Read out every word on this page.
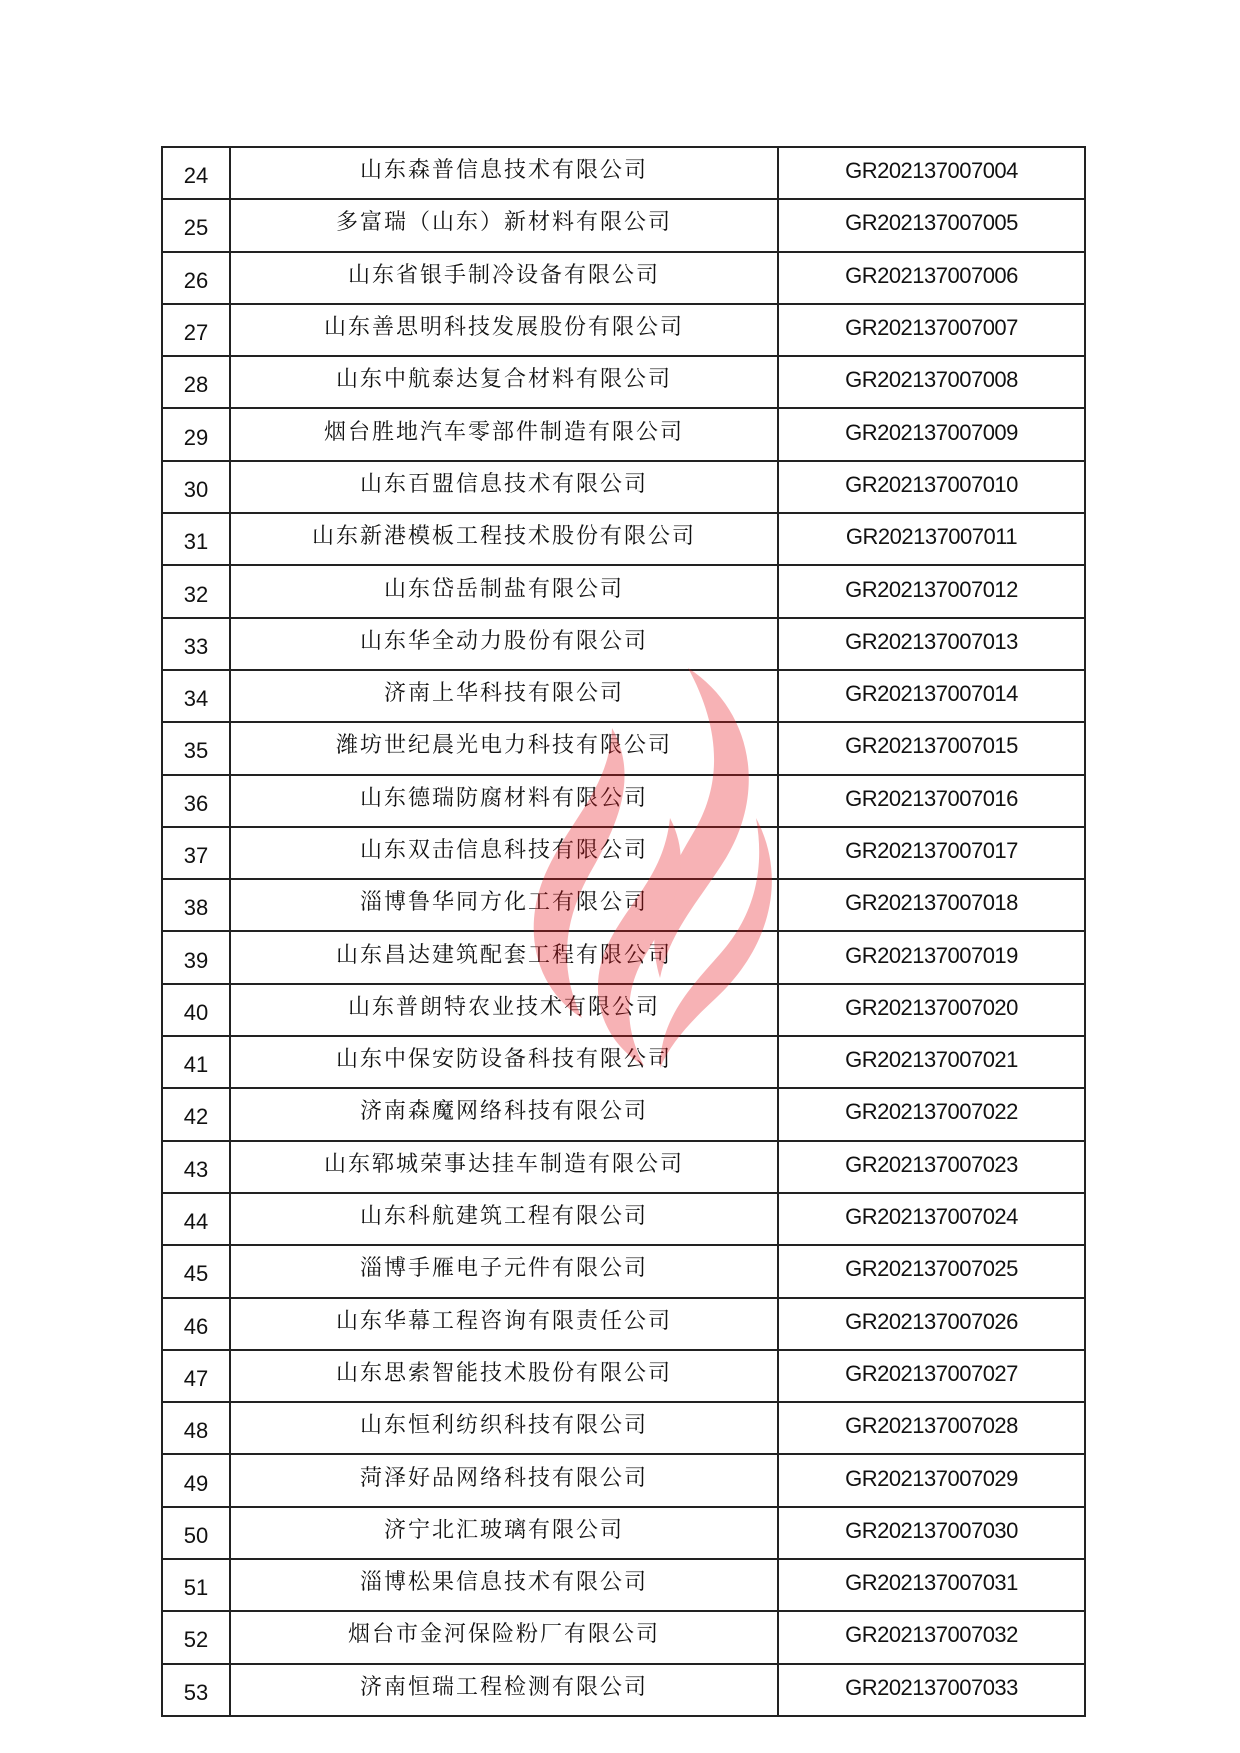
24	山东森普信息技术有限公司	GR202137007004
25	多富瑞（山东）新材料有限公司	GR202137007005
26	山东省银手制冷设备有限公司	GR202137007006
27	山东善思明科技发展股份有限公司	GR202137007007
28	山东中航泰达复合材料有限公司	GR202137007008
29	烟台胜地汽车零部件制造有限公司	GR202137007009
30	山东百盟信息技术有限公司	GR202137007010
31	山东新港模板工程技术股份有限公司	GR202137007011
32	山东岱岳制盐有限公司	GR202137007012
33	山东华全动力股份有限公司	GR202137007013
34	济南上华科技有限公司	GR202137007014
35	潍坊世纪晨光电力科技有限公司	GR202137007015
36	山东德瑞防腐材料有限公司	GR202137007016
37	山东双击信息科技有限公司	GR202137007017
38	淄博鲁华同方化工有限公司	GR202137007018
39	山东昌达建筑配套工程有限公司	GR202137007019
40	山东普朗特农业技术有限公司	GR202137007020
41	山东中保安防设备科技有限公司	GR202137007021
42	济南森魔网络科技有限公司	GR202137007022
43	山东郓城荣事达挂车制造有限公司	GR202137007023
44	山东科航建筑工程有限公司	GR202137007024
45	淄博手雁电子元件有限公司	GR202137007025
46	山东华幕工程咨询有限责任公司	GR202137007026
47	山东思索智能技术股份有限公司	GR202137007027
48	山东恒利纺织科技有限公司	GR202137007028
49	菏泽好品网络科技有限公司	GR202137007029
50	济宁北汇玻璃有限公司	GR202137007030
51	淄博松果信息技术有限公司	GR202137007031
52	烟台市金河保险粉厂有限公司	GR202137007032
53	济南恒瑞工程检测有限公司	GR202137007033
